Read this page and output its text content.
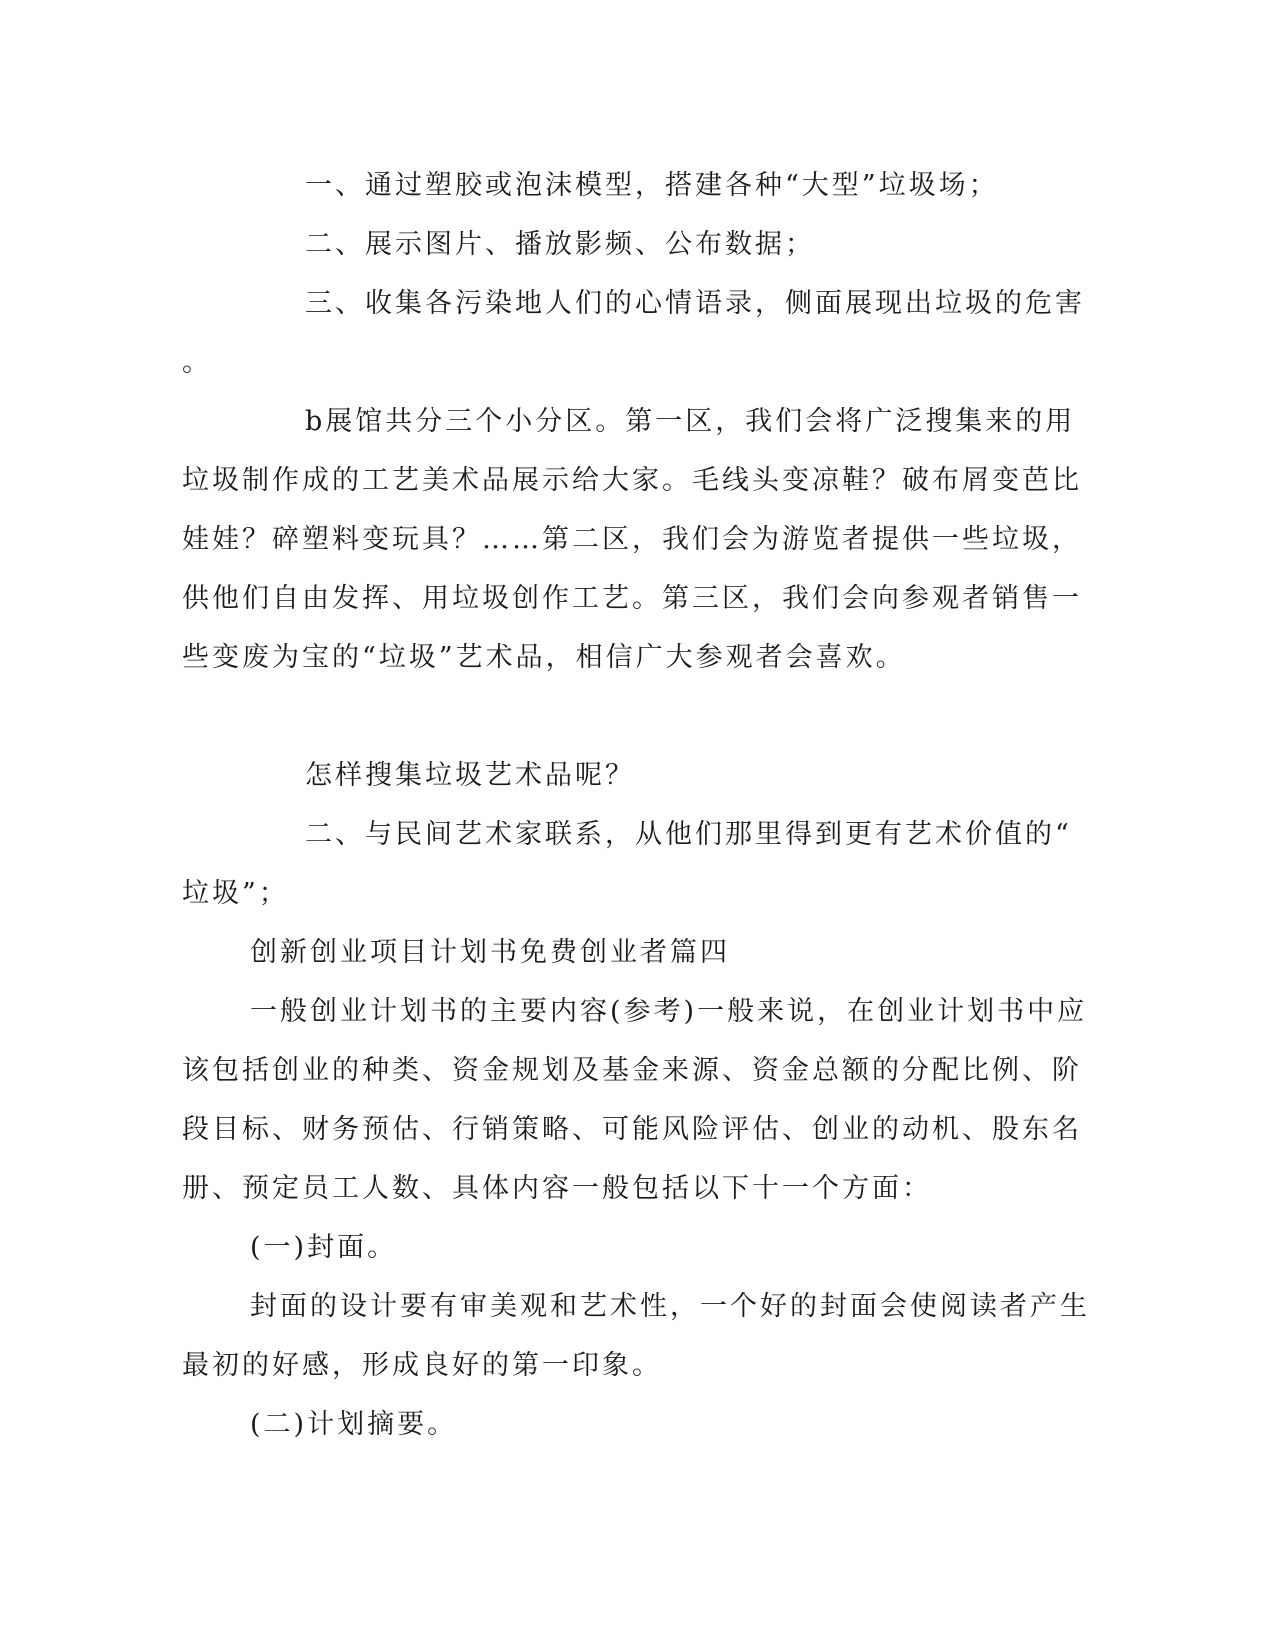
一、通过塑胶或泡沫模型，搭建各种“大型”垃圾场；
二、展示图片、播放影频、公布数据；
三、收集各污染地人们的心情语录，侧面展现出垃圾的危害
。
b展馆共分三个小分区。第一区，我们会将广泛搜集来的用
垃圾制作成的工艺美术品展示给大家。毛线头变凉鞋？破布屑变芭比
娃娃？碎塑料变玩具？……第二区，我们会为游览者提供一些垃圾，
供他们自由发挥、用垃圾创作工艺。第三区，我们会向参观者销售一
些变废为宝的“垃圾”艺术品，相信广大参观者会喜欢。
怎样搜集垃圾艺术品呢？
二、与民间艺术家联系，从他们那里得到更有艺术价值的“
垃圾”；
创新创业项目计划书免费创业者篇四
一般创业计划书的主要内容(参考)一般来说，在创业计划书中应
该包括创业的种类、资金规划及基金来源、资金总额的分配比例、阶
段目标、财务预估、行销策略、可能风险评估、创业的动机、股东名
册、预定员工人数、具体内容一般包括以下十一个方面：
(一)封面。
封面的设计要有审美观和艺术性，一个好的封面会使阅读者产生
最初的好感，形成良好的第一印象。
(二)计划摘要。
